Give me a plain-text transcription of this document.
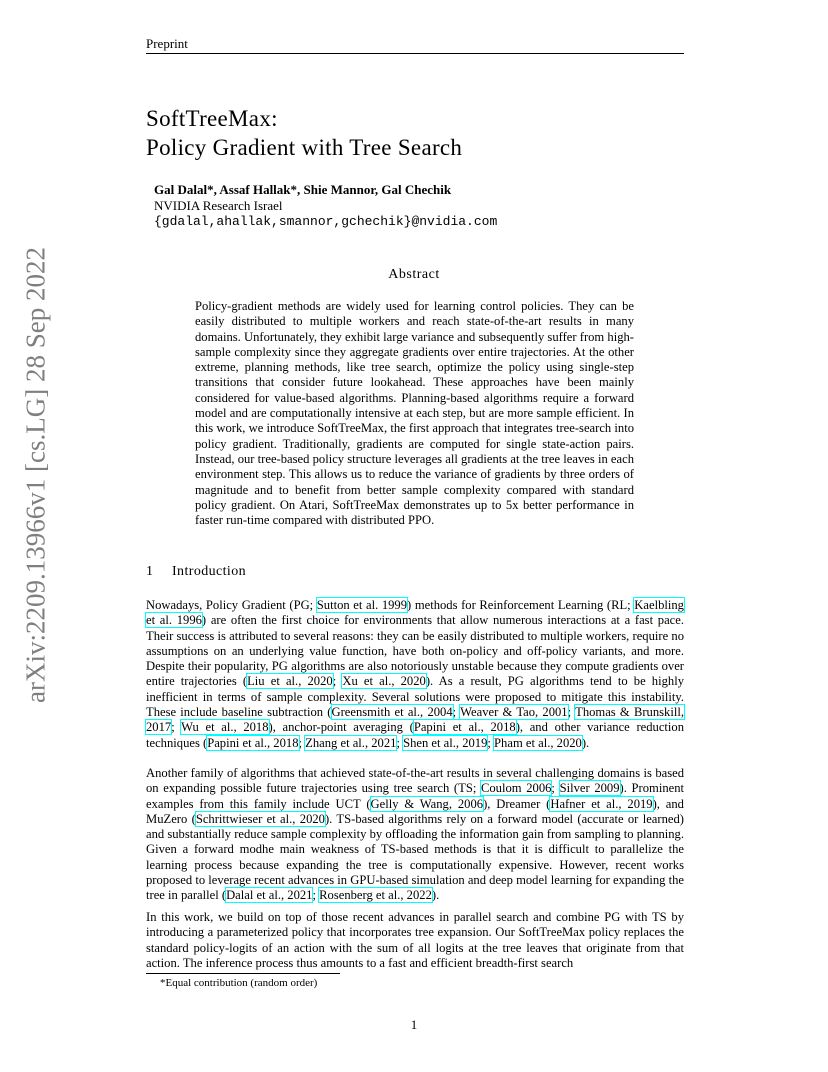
Preprint
arXiv:2209.13966v1 [cs.LG] 28 Sep 2022
SoftTreeMax:
Policy Gradient with Tree Search
Gal Dalal*, Assaf Hallak*, Shie Mannor, Gal Chechik
NVIDIA Research Israel
{gdalal,ahallak,smannor,gchechik}@nvidia.com
Abstract
Policy-gradient methods are widely used for learning control policies. They can be easily distributed to multiple workers and reach state-of-the-art results in many domains. Unfortunately, they exhibit large variance and subsequently suffer from high-sample complexity since they aggregate gradients over entire trajectories. At the other extreme, planning methods, like tree search, optimize the policy using single-step transitions that consider future lookahead. These approaches have been mainly considered for value-based algorithms. Planning-based algorithms require a forward model and are computationally intensive at each step, but are more sample efficient. In this work, we introduce SoftTreeMax, the first approach that integrates tree-search into policy gradient. Traditionally, gradients are computed for single state-action pairs. Instead, our tree-based policy structure leverages all gradients at the tree leaves in each environment step. This allows us to reduce the variance of gradients by three orders of magnitude and to benefit from better sample complexity compared with standard policy gradient. On Atari, SoftTreeMax demonstrates up to 5x better performance in faster run-time compared with distributed PPO.
1 Introduction

Nowadays, Policy Gradient (PG; Sutton et al. 1999) methods for Reinforcement Learning (RL; Kaelbling et al. 1996) are often the first choice for environments that allow numerous interactions at a fast pace. Their success is attributed to several reasons: they can be easily distributed to multiple workers, require no assumptions on an underlying value function, have both on-policy and off-policy variants, and more. Despite their popularity, PG algorithms are also notoriously unstable because they compute gradients over entire trajectories (Liu et al., 2020; Xu et al., 2020). As a result, PG algorithms tend to be highly inefficient in terms of sample complexity. Several solutions were proposed to mitigate this instability. These include baseline subtraction (Greensmith et al., 2004; Weaver & Tao, 2001; Thomas & Brunskill, 2017; Wu et al., 2018), anchor-point averaging (Papini et al., 2018), and other variance reduction techniques (Papini et al., 2018; Zhang et al., 2021; Shen et al., 2019; Pham et al., 2020).

Another family of algorithms that achieved state-of-the-art results in several challenging domains is based on expanding possible future trajectories using tree search (TS; Coulom 2006; Silver 2009). Prominent examples from this family include UCT (Gelly & Wang, 2006), Dreamer (Hafner et al., 2019), and MuZero (Schrittwieser et al., 2020). TS-based algorithms rely on a forward model (accurate or learned) and substantially reduce sample complexity by offloading the information gain from sampling to planning. Given a forward modhe main weakness of TS-based methods is that it is difficult to parallelize the learning process because expanding the tree is computationally expensive. However, recent works proposed to leverage recent advances in GPU-based simulation and deep model learning for expanding the tree in parallel (Dalal et al., 2021; Rosenberg et al., 2022).

In this work, we build on top of those recent advances in parallel search and combine PG with TS by introducing a parameterized policy that incorporates tree expansion. Our SoftTreeMax policy replaces the standard policy-logits of an action with the sum of all logits at the tree leaves that originate from that action. The inference process thus amounts to a fast and efficient breadth-first search

*Equal contribution (random order)
1
